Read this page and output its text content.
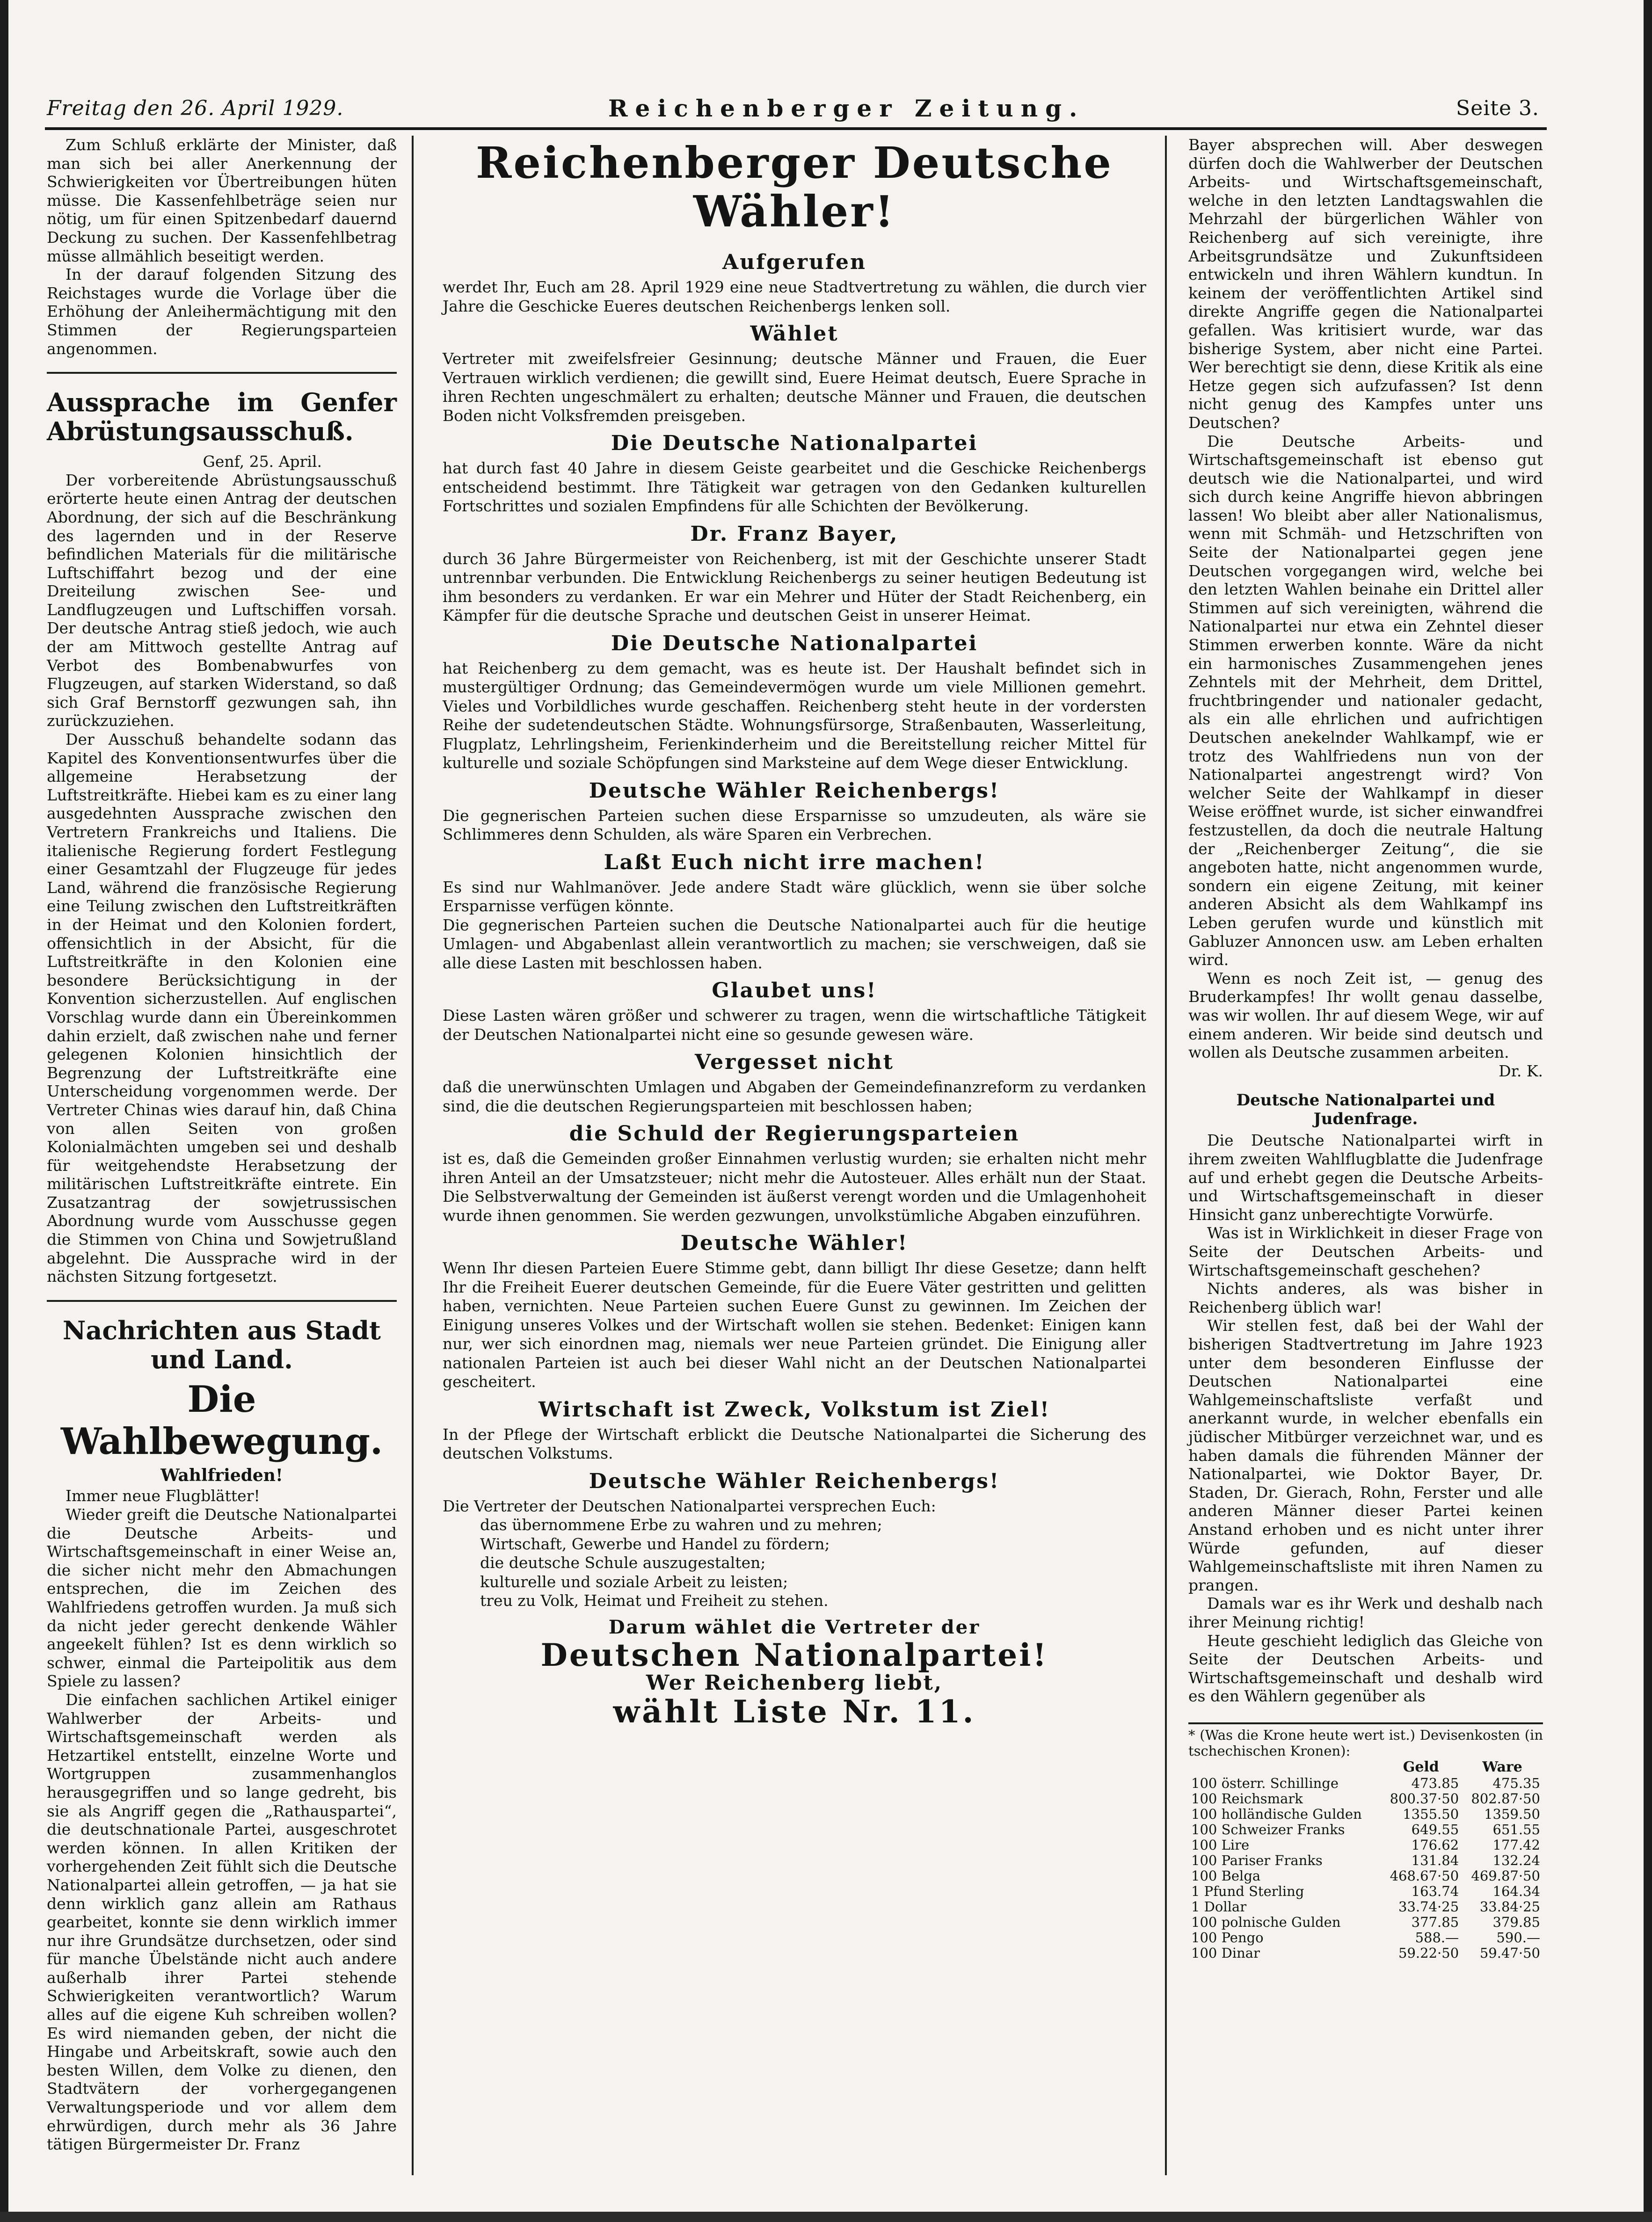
Freitag den 26. April 1929.	Reichenberger Zeitung.	Seite 3.

Zum Schluß erklärte der Minister, daß man sich bei aller Anerkennung der Schwierigkeiten vor Übertreibungen hüten müsse. Die Kassenfehlbeträge seien nur nötig, um für einen Spitzenbedarf dauernd Deckung zu suchen. Der Kassenfehlbetrag müsse allmählich beseitigt werden.

In der darauf folgenden Sitzung des Reichstages wurde die Vorlage über die Erhöhung der Anleihermächtigung mit den Stimmen der Regierungsparteien angenommen.

Aussprache im Genfer Abrüstungsausschuß.

Genf, 25. April.

Der vorbereitende Abrüstungsausschuß erörterte heute einen Antrag der deutschen Abordnung, der sich auf die Beschränkung des lagernden und in der Reserve befindlichen Materials für die militärische Luftschiffahrt bezog und der eine Dreiteilung zwischen See- und Landflugzeugen und Luftschiffen vorsah. Der deutsche Antrag stieß jedoch, wie auch der am Mittwoch gestellte Antrag auf Verbot des Bombenabwurfes von Flugzeugen, auf starken Widerstand, so daß sich Graf Bernstorff gezwungen sah, ihn zurückzuziehen.

Der Ausschuß behandelte sodann das Kapitel des Konventionsentwurfes über die allgemeine Herabsetzung der Luftstreitkräfte. Hiebei kam es zu einer lang ausgedehnten Aussprache zwischen den Vertretern Frankreichs und Italiens. Die italienische Regierung fordert Festlegung einer Gesamtzahl der Flugzeuge für jedes Land, während die französische Regierung eine Teilung zwischen den Luftstreitkräften in der Heimat und den Kolonien fordert, offensichtlich in der Absicht, für die Luftstreitkräfte in den Kolonien eine besondere Berücksichtigung in der Konvention sicherzustellen. Auf englischen Vorschlag wurde dann ein Übereinkommen dahin erzielt, daß zwischen nahe und ferner gelegenen Kolonien hinsichtlich der Begrenzung der Luftstreitkräfte eine Unterscheidung vorgenommen werde. Der Vertreter Chinas wies darauf hin, daß China von allen Seiten von großen Kolonialmächten umgeben sei und deshalb für weitgehendste Herabsetzung der militärischen Luftstreitkräfte eintrete. Ein Zusatzantrag der sowjetrussischen Abordnung wurde vom Ausschusse gegen die Stimmen von China und Sowjetrußland abgelehnt. Die Aussprache wird in der nächsten Sitzung fortgesetzt.

Nachrichten aus Stadt und Land.
Die Wahlbewegung.
Wahlfrieden!

Immer neue Flugblätter!

Wieder greift die Deutsche Nationalpartei die Deutsche Arbeits- und Wirtschaftsgemeinschaft in einer Weise an, die sicher nicht mehr den Abmachungen entsprechen, die im Zeichen des Wahlfriedens getroffen wurden. Ja muß sich da nicht jeder gerecht denkende Wähler angeekelt fühlen? Ist es denn wirklich so schwer, einmal die Parteipolitik aus dem Spiele zu lassen?

Die einfachen sachlichen Artikel einiger Wahlwerber der Arbeits- und Wirtschaftsgemeinschaft werden als Hetzartikel entstellt, einzelne Worte und Wortgruppen zusammenhanglos herausgegriffen und so lange gedreht, bis sie als Angriff gegen die „Rathauspartei“, die deutschnationale Partei, ausgeschrotet werden können. In allen Kritiken der vorhergehenden Zeit fühlt sich die Deutsche Nationalpartei allein getroffen, — ja hat sie denn wirklich ganz allein am Rathaus gearbeitet, konnte sie denn wirklich immer nur ihre Grundsätze durchsetzen, oder sind für manche Übelstände nicht auch andere außerhalb ihrer Partei stehende Schwierigkeiten verantwortlich? Warum alles auf die eigene Kuh schreiben wollen? Es wird niemanden geben, der nicht die Hingabe und Arbeitskraft, sowie auch den besten Willen, dem Volke zu dienen, den Stadtvätern der vorhergegangenen Verwaltungsperiode und vor allem dem ehrwürdigen, durch mehr als 36 Jahre tätigen Bürgermeister Dr. Franz

Reichenberger Deutsche Wähler!
Aufgerufen

werdet Ihr, Euch am 28. April 1929 eine neue Stadtvertretung zu wählen, die durch vier Jahre die Geschicke Eueres deutschen Reichenbergs lenken soll.

Wählet

Vertreter mit zweifelsfreier Gesinnung; deutsche Männer und Frauen, die Euer Vertrauen wirklich verdienen; die gewillt sind, Euere Heimat deutsch, Euere Sprache in ihren Rechten ungeschmälert zu erhalten; deutsche Männer und Frauen, die deutschen Boden nicht Volksfremden preisgeben.

Die Deutsche Nationalpartei

hat durch fast 40 Jahre in diesem Geiste gearbeitet und die Geschicke Reichenbergs entscheidend bestimmt. Ihre Tätigkeit war getragen von den Gedanken kulturellen Fortschrittes und sozialen Empfindens für alle Schichten der Bevölkerung.

Dr. Franz Bayer,

durch 36 Jahre Bürgermeister von Reichenberg, ist mit der Geschichte unserer Stadt untrennbar verbunden. Die Entwicklung Reichenbergs zu seiner heutigen Bedeutung ist ihm besonders zu verdanken. Er war ein Mehrer und Hüter der Stadt Reichenberg, ein Kämpfer für die deutsche Sprache und deutschen Geist in unserer Heimat.

Die Deutsche Nationalpartei

hat Reichenberg zu dem gemacht, was es heute ist. Der Haushalt befindet sich in mustergültiger Ordnung; das Gemeindevermögen wurde um viele Millionen gemehrt. Vieles und Vorbildliches wurde geschaffen. Reichenberg steht heute in der vordersten Reihe der sudetendeutschen Städte. Wohnungsfürsorge, Straßenbauten, Wasserleitung, Flugplatz, Lehrlingsheim, Ferienkinderheim und die Bereitstellung reicher Mittel für kulturelle und soziale Schöpfungen sind Marksteine auf dem Wege dieser Entwicklung.

Deutsche Wähler Reichenbergs!

Die gegnerischen Parteien suchen diese Ersparnisse so umzudeuten, als wäre sie Schlimmeres denn Schulden, als wäre Sparen ein Verbrechen.

Laßt Euch nicht irre machen!

Es sind nur Wahlmanöver. Jede andere Stadt wäre glücklich, wenn sie über solche Ersparnisse verfügen könnte.

Die gegnerischen Parteien suchen die Deutsche Nationalpartei auch für die heutige Umlagen- und Abgabenlast allein verantwortlich zu machen; sie verschweigen, daß sie alle diese Lasten mit beschlossen haben.

Glaubet uns!

Diese Lasten wären größer und schwerer zu tragen, wenn die wirtschaftliche Tätigkeit der Deutschen Nationalpartei nicht eine so gesunde gewesen wäre.

Vergesset nicht

daß die unerwünschten Umlagen und Abgaben der Gemeindefinanzreform zu verdanken sind, die die deutschen Regierungsparteien mit beschlossen haben;

die Schuld der Regierungsparteien

ist es, daß die Gemeinden großer Einnahmen verlustig wurden; sie erhalten nicht mehr ihren Anteil an der Umsatzsteuer; nicht mehr die Autosteuer. Alles erhält nun der Staat. Die Selbstverwaltung der Gemeinden ist äußerst verengt worden und die Umlagenhoheit wurde ihnen genommen. Sie werden gezwungen, unvolkstümliche Abgaben einzuführen.

Deutsche Wähler!

Wenn Ihr diesen Parteien Euere Stimme gebt, dann billigt Ihr diese Gesetze; dann helft Ihr die Freiheit Euerer deutschen Gemeinde, für die Euere Väter gestritten und gelitten haben, vernichten. Neue Parteien suchen Euere Gunst zu gewinnen. Im Zeichen der Einigung unseres Volkes und der Wirtschaft wollen sie stehen. Bedenket: Einigen kann nur, wer sich einordnen mag, niemals wer neue Parteien gründet. Die Einigung aller nationalen Parteien ist auch bei dieser Wahl nicht an der Deutschen Nationalpartei gescheitert.

Wirtschaft ist Zweck, Volkstum ist Ziel!

In der Pflege der Wirtschaft erblickt die Deutsche Nationalpartei die Sicherung des deutschen Volkstums.

Deutsche Wähler Reichenbergs!

Die Vertreter der Deutschen Nationalpartei versprechen Euch:

das übernommene Erbe zu wahren und zu mehren;

Wirtschaft, Gewerbe und Handel zu fördern;

die deutsche Schule auszugestalten;

kulturelle und soziale Arbeit zu leisten;

treu zu Volk, Heimat und Freiheit zu stehen.

Darum wählet die Vertreter der
Deutschen Nationalpartei!
Wer Reichenberg liebt,
wählt Liste Nr. 11.

Bayer absprechen will. Aber deswegen dürfen doch die Wahlwerber der Deutschen Arbeits- und Wirtschaftsgemeinschaft, welche in den letzten Landtagswahlen die Mehrzahl der bürgerlichen Wähler von Reichenberg auf sich vereinigte, ihre Arbeitsgrundsätze und Zukunftsideen entwickeln und ihren Wählern kundtun. In keinem der veröffentlichten Artikel sind direkte Angriffe gegen die Nationalpartei gefallen. Was kritisiert wurde, war das bisherige System, aber nicht eine Partei. Wer berechtigt sie denn, diese Kritik als eine Hetze gegen sich aufzufassen? Ist denn nicht genug des Kampfes unter uns Deutschen?

Die Deutsche Arbeits- und Wirtschaftsgemeinschaft ist ebenso gut deutsch wie die Nationalpartei, und wird sich durch keine Angriffe hievon abbringen lassen! Wo bleibt aber aller Nationalismus, wenn mit Schmäh- und Hetzschriften von Seite der Nationalpartei gegen jene Deutschen vorgegangen wird, welche bei den letzten Wahlen beinahe ein Drittel aller Stimmen auf sich vereinigten, während die Nationalpartei nur etwa ein Zehntel dieser Stimmen erwerben konnte. Wäre da nicht ein harmonisches Zusammengehen jenes Zehntels mit der Mehrheit, dem Drittel, fruchtbringender und nationaler gedacht, als ein alle ehrlichen und aufrichtigen Deutschen anekelnder Wahlkampf, wie er trotz des Wahlfriedens nun von der Nationalpartei angestrengt wird? Von welcher Seite der Wahlkampf in dieser Weise eröffnet wurde, ist sicher einwandfrei festzustellen, da doch die neutrale Haltung der „Reichenberger Zeitung“, die sie angeboten hatte, nicht angenommen wurde, sondern ein eigene Zeitung, mit keiner anderen Absicht als dem Wahlkampf ins Leben gerufen wurde und künstlich mit Gabluzer Annoncen usw. am Leben erhalten wird.

Wenn es noch Zeit ist, — genug des Bruderkampfes! Ihr wollt genau dasselbe, was wir wollen. Ihr auf diesem Wege, wir auf einem anderen. Wir beide sind deutsch und wollen als Deutsche zusammen arbeiten.

Dr. K.

Deutsche Nationalpartei und Judenfrage.

Die Deutsche Nationalpartei wirft in ihrem zweiten Wahlflugblatte die Judenfrage auf und erhebt gegen die Deutsche Arbeits- und Wirtschaftsgemeinschaft in dieser Hinsicht ganz unberechtigte Vorwürfe.

Was ist in Wirklichkeit in dieser Frage von Seite der Deutschen Arbeits- und Wirtschaftsgemeinschaft geschehen?

Nichts anderes, als was bisher in Reichenberg üblich war!

Wir stellen fest, daß bei der Wahl der bisherigen Stadtvertretung im Jahre 1923 unter dem besonderen Einflusse der Deutschen Nationalpartei eine Wahlgemeinschaftsliste verfaßt und anerkannt wurde, in welcher ebenfalls ein jüdischer Mitbürger verzeichnet war, und es haben damals die führenden Männer der Nationalpartei, wie Doktor Bayer, Dr. Staden, Dr. Gierach, Rohn, Ferster und alle anderen Männer dieser Partei keinen Anstand erhoben und es nicht unter ihrer Würde gefunden, auf dieser Wahlgemeinschaftsliste mit ihren Namen zu prangen.

Damals war es ihr Werk und deshalb nach ihrer Meinung richtig!

Heute geschieht lediglich das Gleiche von Seite der Deutschen Arbeits- und Wirtschaftsgemeinschaft und deshalb wird es den Wählern gegenüber als

* (Was die Krone heute wert ist.) Devisenkosten (in tschechischen Kronen):
	Geld	Ware
100 österr. Schillinge	473.85	475.35
100 Reichsmark	800.37·50	802.87·50
100 holländische Gulden	1355.50	1359.50
100 Schweizer Franks	649.55	651.55
100 Lire	176.62	177.42
100 Pariser Franks	131.84	132.24
100 Belga	468.67·50	469.87·50
1 Pfund Sterling	163.74	164.34
1 Dollar	33.74·25	33.84·25
100 polnische Gulden	377.85	379.85
100 Pengo	588.—	590.—
100 Dinar	59.22·50	59.47·50
